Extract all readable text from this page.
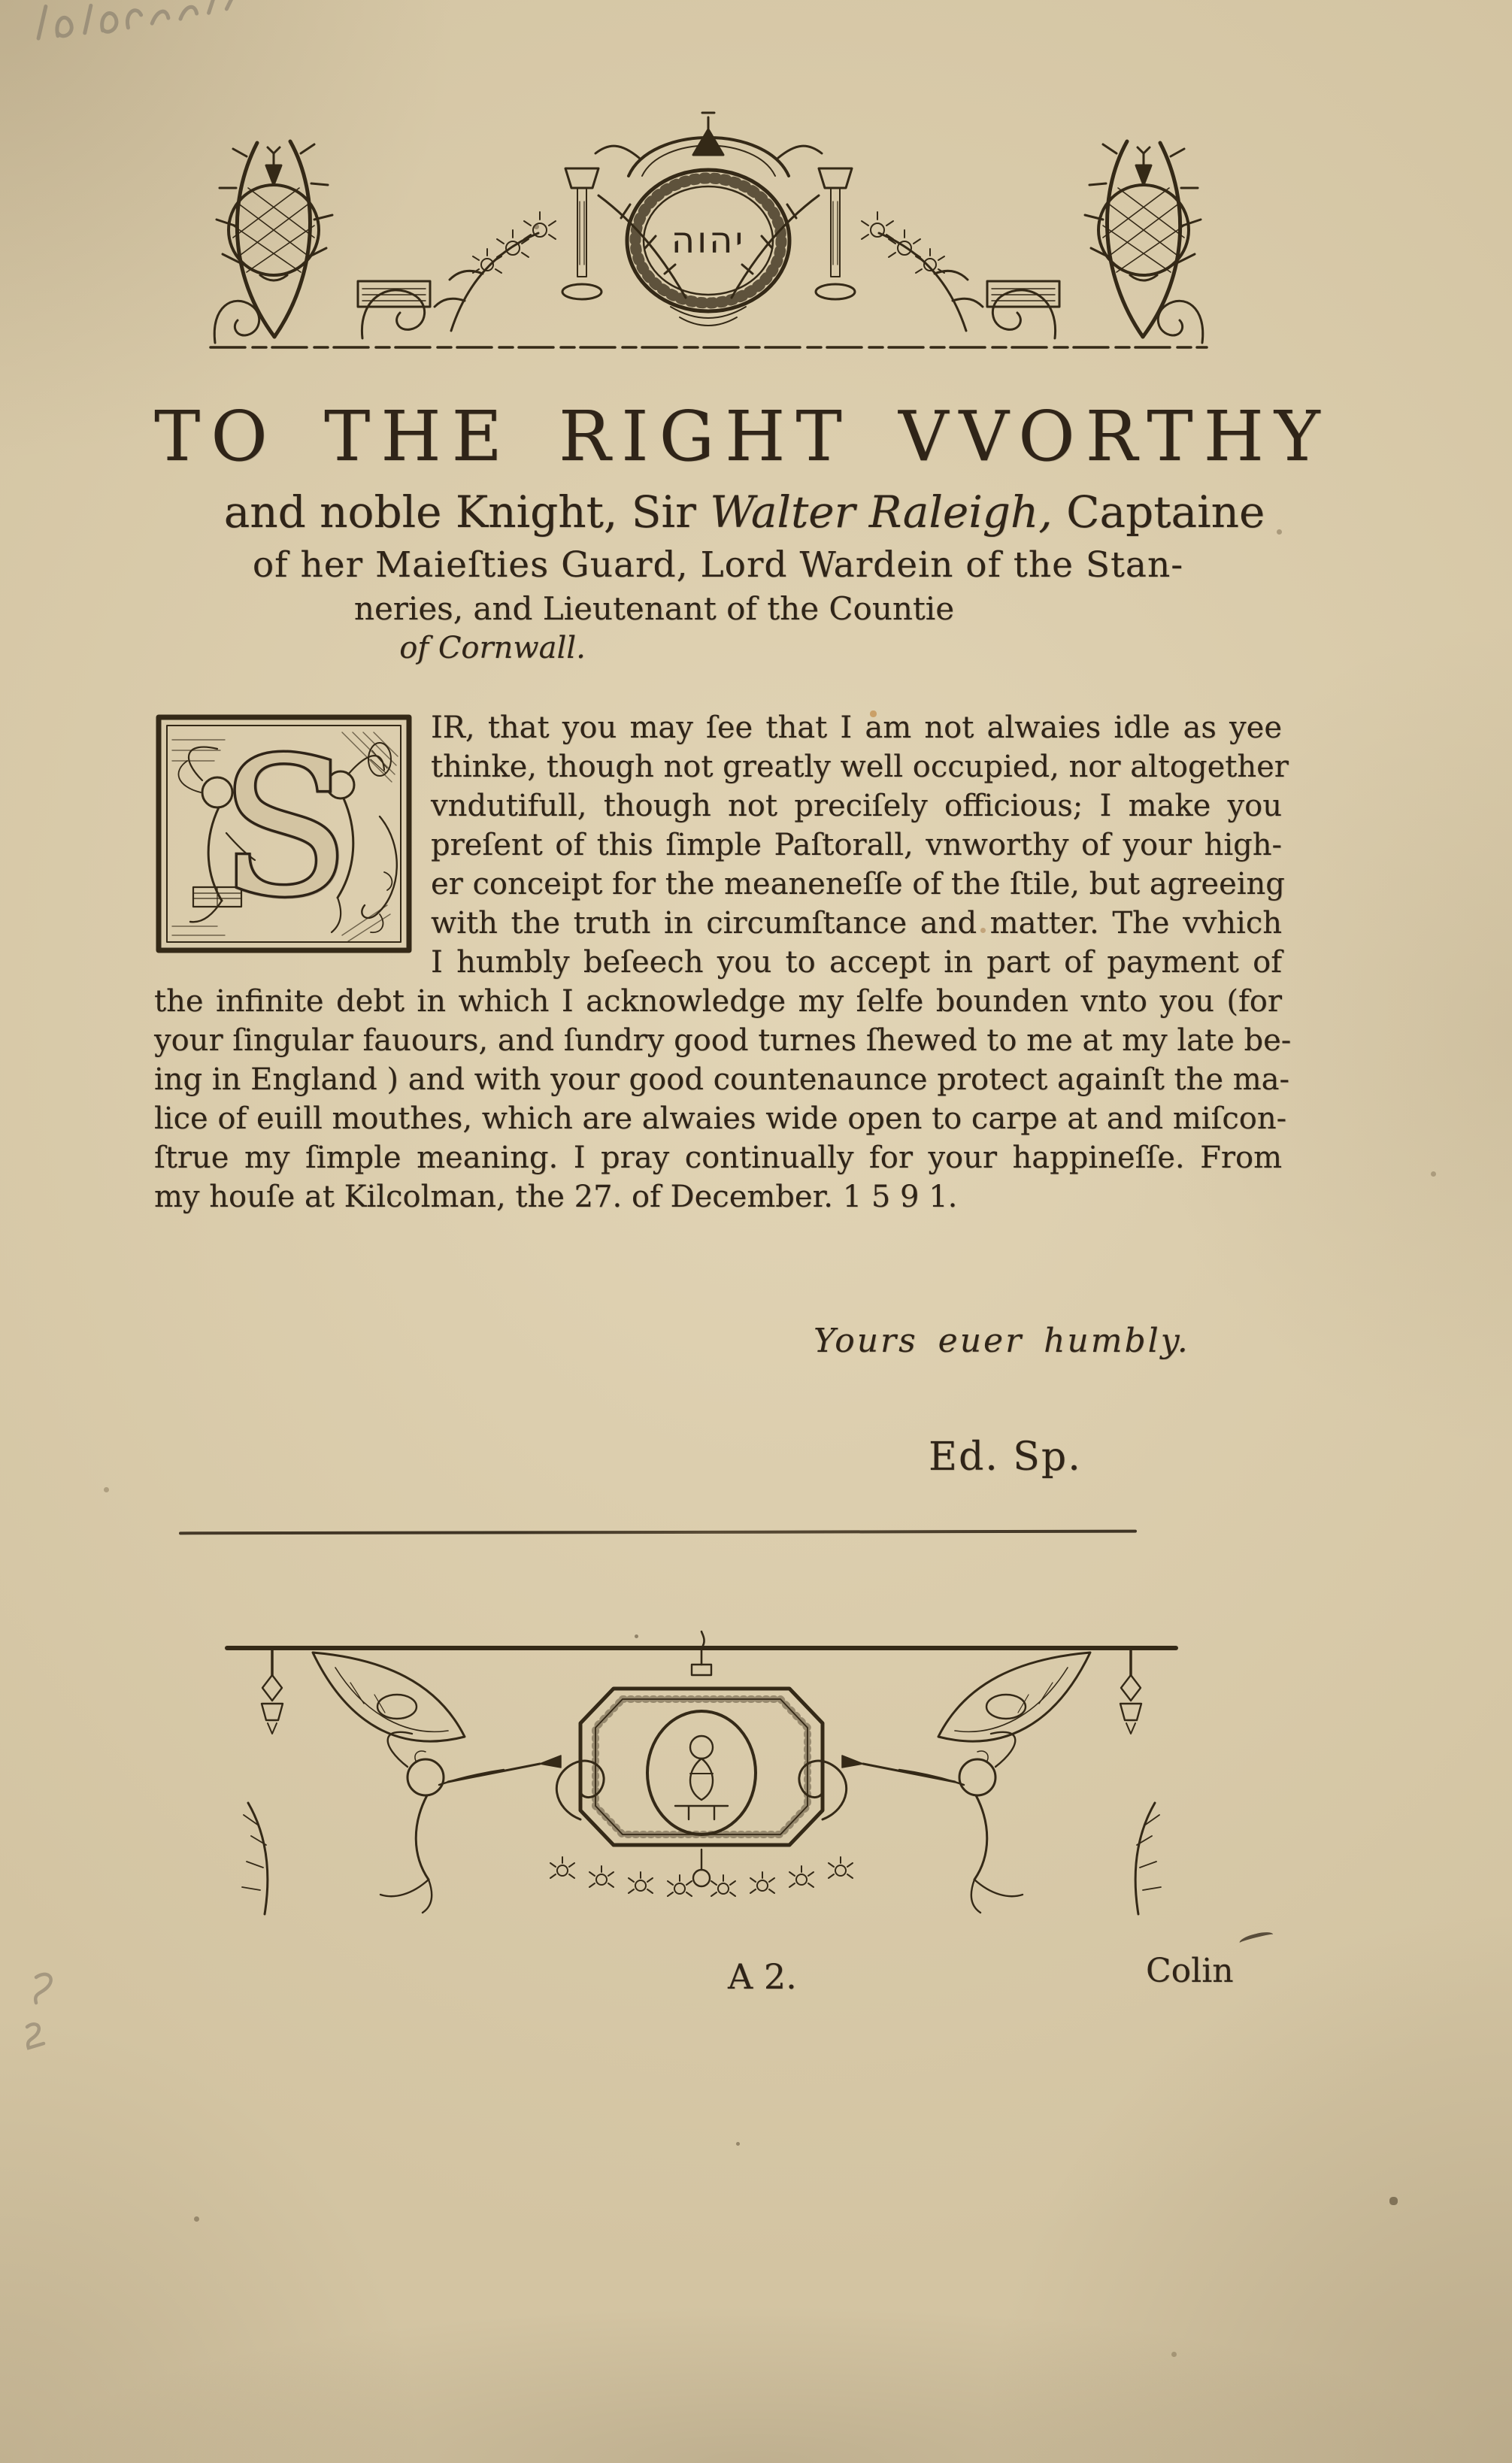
יהוה
TO THE RIGHT VVORTHY
and noble Knight, Sir Walter Raleigh, Captaine
of her Maieſties Guard, Lord Wardein of the Stan-
neries, and Lieutenant of the Countie
of Cornwall.
S	IR, that you may ſee that I am not alwaies idle as yee
thinke, though not greatly well occupied, nor altogether
vndutifull, though not preciſely officious; I make you
preſent of this ſimple Paſtorall, vnworthy of your high-
er conceipt for the meaneneſſe of the ſtile, but agreeing
with the truth in circumſtance and matter. The vvhich
I humbly beſeech you to accept in part of payment of
the infinite debt in which I acknowledge my ſelfe bounden vnto you (for
your ſingular fauours, and ſundry good turnes ſhewed to me at my late be-
ing in England ) and with your good countenaunce protect againſt the ma-
lice of euill mouthes, which are alwaies wide open to carpe at and miſcon-
ſtrue my ſimple meaning. I pray continually for your happineſſe. From
my houſe at Kilcolman, the 27. of December. 1 5 9 1.
Yours euer humbly.
Ed. Sp.
A 2.	Colin
